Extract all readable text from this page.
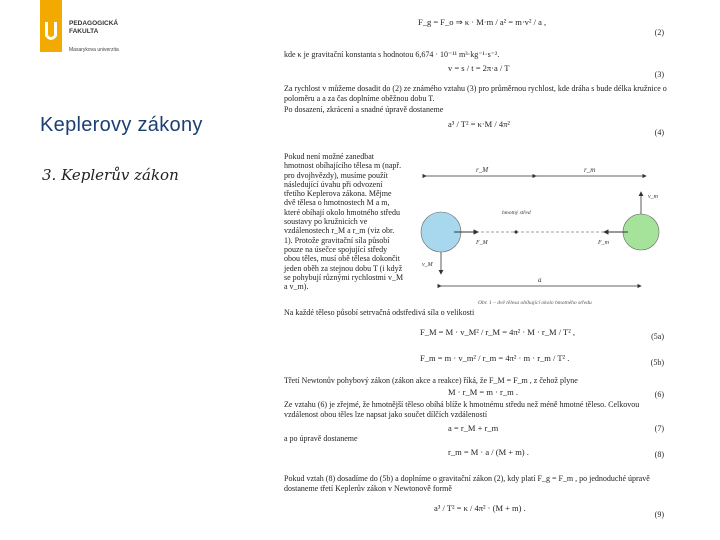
PEDAGOGICKÁ
FAKULTA
Masarykova univerzita
Keplerovy zákony
3. Keplerův zákon
F_g = F_o ⇒ κ · M·m / a² = m·v² / a ,
(2)
kde κ je gravitační konstanta s hodnotou 6,674 · 10⁻¹¹ m³·kg⁻¹·s⁻².
v = s / t = 2π·a / T
(3)
Za rychlost v můžeme dosadit do (2) ze známého vztahu (3) pro průměrnou rychlost, kde dráha s bude délka kružnice o poloměru a a za čas doplníme oběžnou dobu T.
Po dosazení, zkrácení a snadné úpravě dostaneme
a³ / T² = κ·M / 4π²
(4)
Pokud není možné zanedbat hmotnost obíhajícího tělesa m (např. pro dvojhvězdy), musíme použít následující úvahu při odvození třetího Keplerova zákona. Mějme dvě tělesa o hmotnostech M a m, které obíhají okolo hmotného středu soustavy po kružnicích ve vzdálenostech r_M a r_m (viz obr. 1). Protože gravitační síla působí pouze na úsečce spojující středy obou těles, musí obě tělesa dokončit jeden oběh za stejnou dobu T (i když se pohybují různými rychlostmi v_M a v_m).
r_M	r_m
F_M	F_m
v_m
v_M
hmotný střed
a
Obr. 1 – dvě tělesa obíhající okolo hmotného středu
Na každé těleso působí setrvačná odstředivá síla o velikosti
F_M = M · v_M² / r_M = 4π² · M · r_M / T² ,	(5a)
F_m = m · v_m² / r_m = 4π² · m · r_m / T² .	(5b)
Třetí Newtonův pohybový zákon (zákon akce a reakce) říká, že F_M = F_m , z čehož plyne
M · r_M = m · r_m .	(6)
Ze vztahu (6) je zřejmé, že hmotnější těleso obíhá blíže k hmotnému středu než méně hmotné těleso. Celkovou vzdálenost obou těles lze napsat jako součet dílčích vzdáleností
a = r_M + r_m	(7)
a po úpravě dostaneme
r_m = M · a / (M + m) .	(8)
Pokud vztah (8) dosadíme do (5b) a doplníme o gravitační zákon (2), kdy platí F_g = F_m , po jednoduché úpravě dostaneme třetí Keplerův zákon v Newtonově formě
a³ / T² = κ / 4π² · (M + m) .
(9)
